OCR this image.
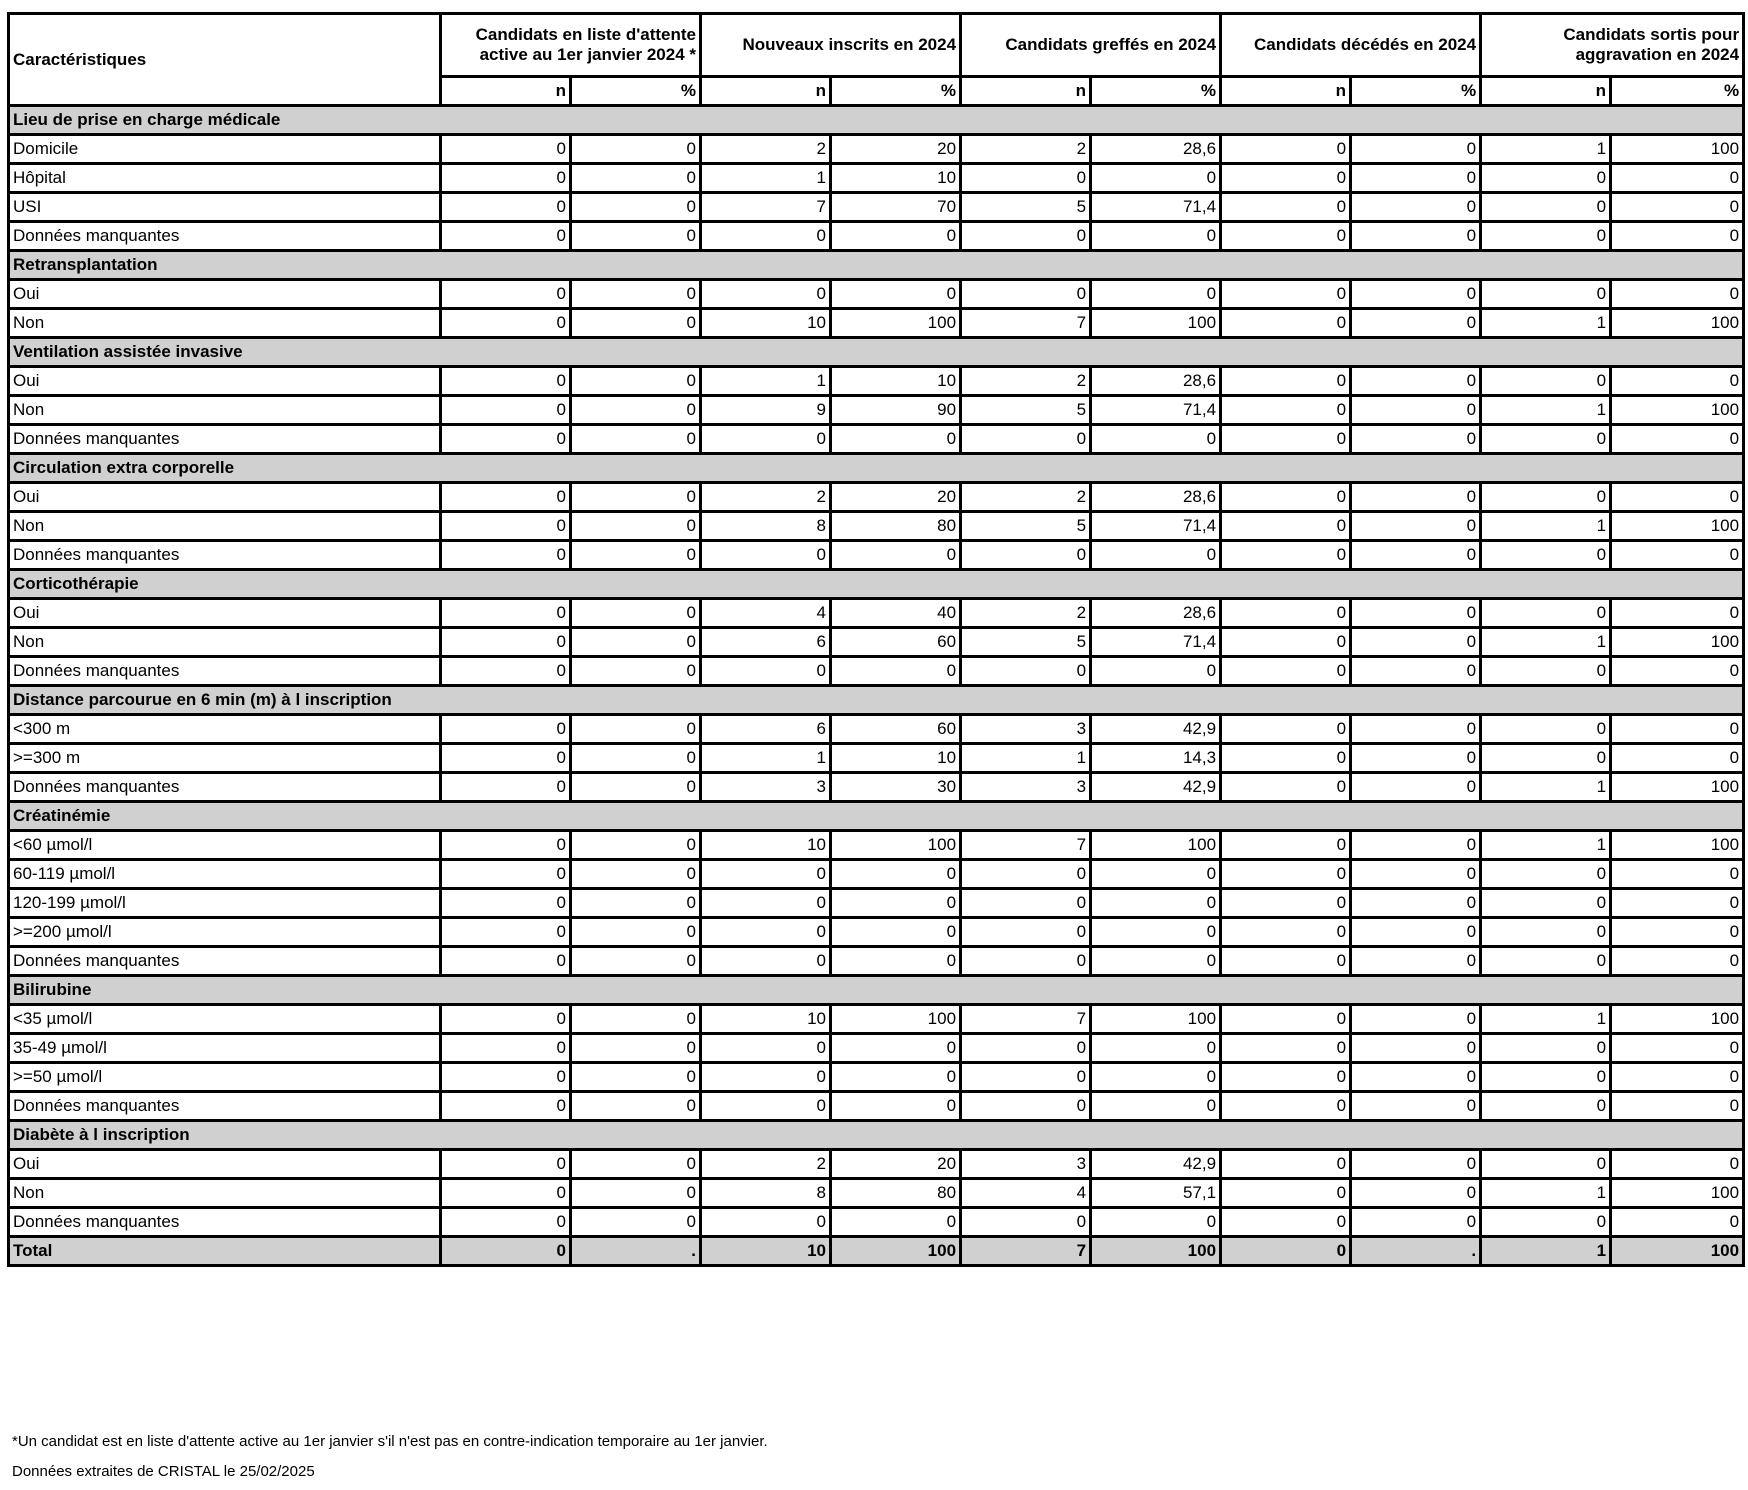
Caractéristiques	Candidats en liste d'attente active au 1er janvier 2024 *		Nouveaux inscrits en 2024		Candidats greffés en 2024		Candidats décédés en 2024		Candidats sortis pour aggravation en 2024	
	n	%	n	%	n	%	n	%	n	%
Lieu de prise en charge médicale										
Domicile	0	0	2	20	2	28,6	0	0	1	100
Hôpital	0	0	1	10	0	0	0	0	0	0
USI	0	0	7	70	5	71,4	0	0	0	0
Données manquantes	0	0	0	0	0	0	0	0	0	0
Retransplantation										
Oui	0	0	0	0	0	0	0	0	0	0
Non	0	0	10	100	7	100	0	0	1	100
Ventilation assistée invasive										
Oui	0	0	1	10	2	28,6	0	0	0	0
Non	0	0	9	90	5	71,4	0	0	1	100
Données manquantes	0	0	0	0	0	0	0	0	0	0
Circulation extra corporelle										
Oui	0	0	2	20	2	28,6	0	0	0	0
Non	0	0	8	80	5	71,4	0	0	1	100
Données manquantes	0	0	0	0	0	0	0	0	0	0
Corticothérapie										
Oui	0	0	4	40	2	28,6	0	0	0	0
Non	0	0	6	60	5	71,4	0	0	1	100
Données manquantes	0	0	0	0	0	0	0	0	0	0
Distance parcourue en 6 min (m) à l inscription										
<300 m	0	0	6	60	3	42,9	0	0	0	0
>=300 m	0	0	1	10	1	14,3	0	0	0	0
Données manquantes	0	0	3	30	3	42,9	0	0	1	100
Créatinémie										
<60 µmol/l	0	0	10	100	7	100	0	0	1	100
60-119 µmol/l	0	0	0	0	0	0	0	0	0	0
120-199 µmol/l	0	0	0	0	0	0	0	0	0	0
>=200 µmol/l	0	0	0	0	0	0	0	0	0	0
Données manquantes	0	0	0	0	0	0	0	0	0	0
Bilirubine										
<35 µmol/l	0	0	10	100	7	100	0	0	1	100
35-49 µmol/l	0	0	0	0	0	0	0	0	0	0
>=50 µmol/l	0	0	0	0	0	0	0	0	0	0
Données manquantes	0	0	0	0	0	0	0	0	0	0
Diabète à l inscription										
Oui	0	0	2	20	3	42,9	0	0	0	0
Non	0	0	8	80	4	57,1	0	0	1	100
Données manquantes	0	0	0	0	0	0	0	0	0	0
Total	0	.	10	100	7	100	0	.	1	100
*Un candidat est en liste d'attente active au 1er janvier s'il n'est pas en contre-indication temporaire au 1er janvier.
Données extraites de CRISTAL le 25/02/2025
